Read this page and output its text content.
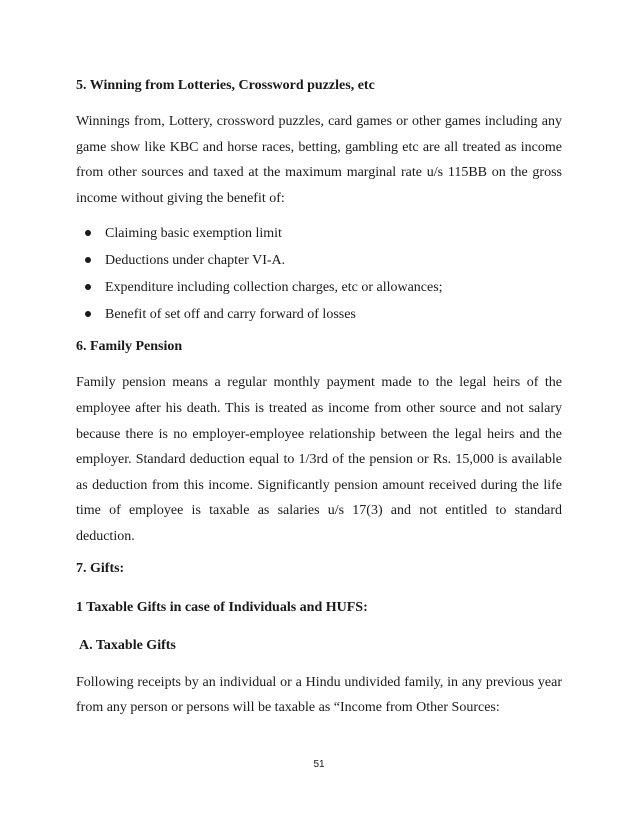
5. Winning from Lotteries, Crossword puzzles, etc

Winnings from, Lottery, crossword puzzles, card games or other games including any game show like KBC and horse races, betting, gambling etc are all treated as income from other sources and taxed at the maximum marginal rate u/s 115BB on the gross income without giving the benefit of:

Claiming basic exemption limit
Deductions under chapter VI-A.
Expenditure including collection charges, etc or allowances;
Benefit of set off and carry forward of losses

6. Family Pension

Family pension means a regular monthly payment made to the legal heirs of the employee after his death. This is treated as income from other source and not salary because there is no employer-employee relationship between the legal heirs and the employer. Standard deduction equal to 1/3rd of the pension or Rs. 15,000 is available as deduction from this income. Significantly pension amount received during the life time of employee is taxable as salaries u/s 17(3) and not entitled to standard deduction.

7. Gifts:

1 Taxable Gifts in case of Individuals and HUFS:

A. Taxable Gifts

Following receipts by an individual or a Hindu undivided family, in any previous year from any person or persons will be taxable as “Income from Other Sources:

51
